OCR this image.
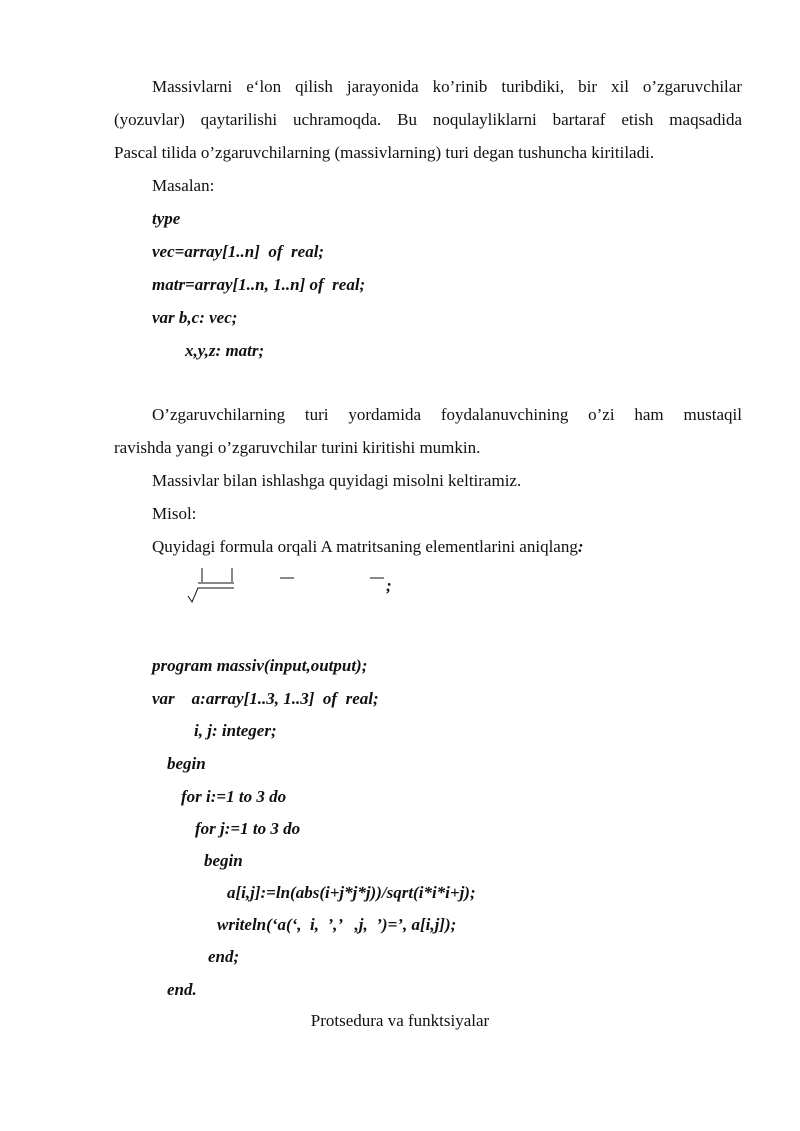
Massivlarni e‘lon qilish jarayonida ko’rinib turibdiki, bir xil o’zgaruvchilar
(yozuvlar) qaytarilishi uchramoqda. Bu noqulayliklarni bartaraf etish maqsadida
Pascal tilida o’zgaruvchilarning (massivlarning) turi degan tushuncha kiritiladi.
Masalan:
type
vec=array[1..n]  of  real;
matr=array[1..n, 1..n] of  real;
var b,c: vec;
x,y,z: matr;
O’zgaruvchilarning turi yordamida foydalanuvchining o’zi ham mustaqil
ravishda yangi o’zgaruvchilar turini kiritishi mumkin.
Massivlar bilan ishlashga quyidagi misolni keltiramiz.
Misol:
Quyidagi formula orqali A matritsaning elementlarini aniqlang:
;
program massiv(input,output);
var    a:array[1..3, 1..3]  of  real;
i, j: integer;
begin
for i:=1 to 3 do
for j:=1 to 3 do
begin
a[i,j]:=ln(abs(i+j*j*j))/sqrt(i*i*i+j);
writeln(‘a(‘,  i,  ’,’   ,j,  ’)=’, a[i,j]);
end;
end.
Protsedura va funktsiyalar
